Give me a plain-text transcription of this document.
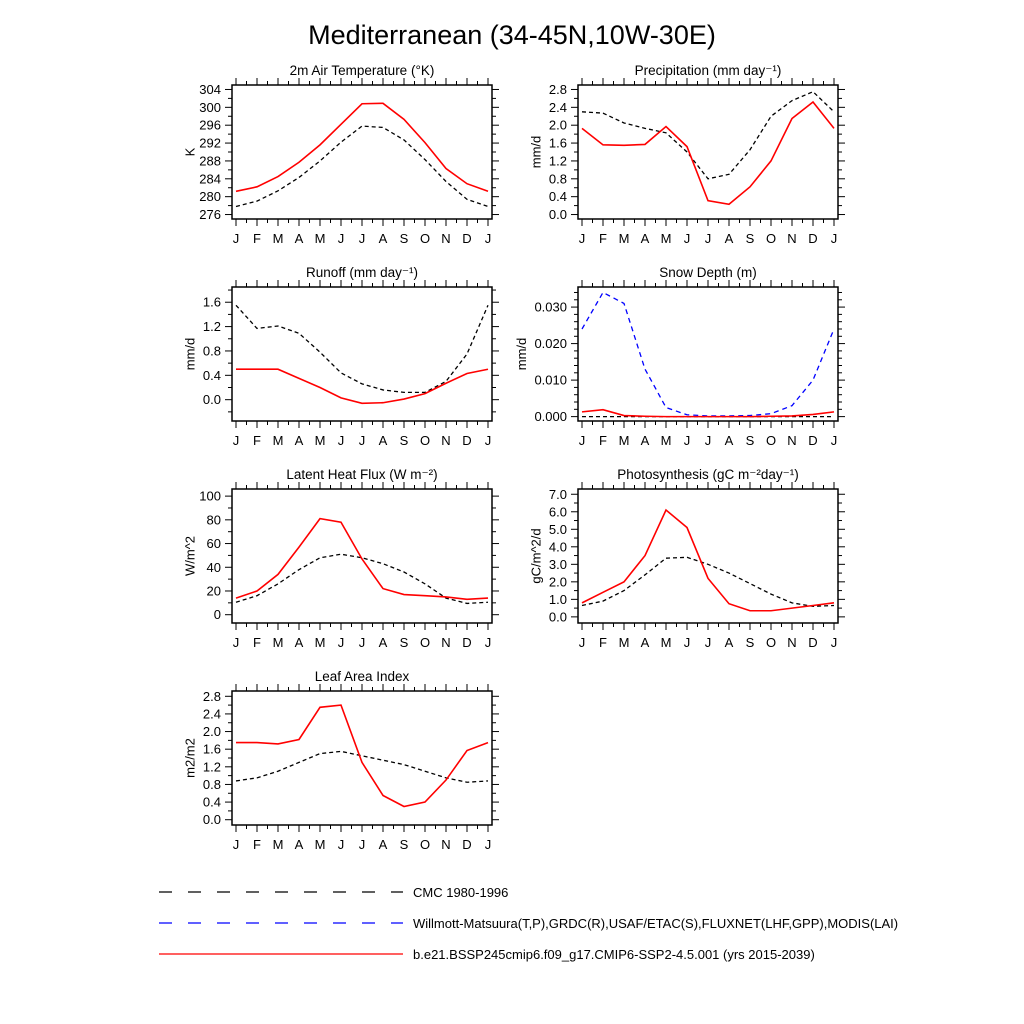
Mediterranean (34-45N,10W-30E)
2m Air Temperature (°K)
J F M A M J J A S O N D J
276
280
284
288
292
296
300
304
K
Precipitation (mm day⁻¹)
J F M A M J J A S O N D J
0.0
0.4
0.8
1.2
1.6
2.0
2.4
2.8
mm/d
Runoff (mm day⁻¹)
J F M A M J J A S O N D J
0.0
0.4
0.8
1.2
1.6
mm/d
Snow Depth (m)
J F M A M J J A S O N D J
0.000
0.010
0.020
0.030
mm/d
Latent Heat Flux (W m⁻²)
J F M A M J J A S O N D J
0
20
40
60
80
100
W/m^2
Photosynthesis (gC m⁻²day⁻¹)
J F M A M J J A S O N D J
0.0
1.0
2.0
3.0
4.0
5.0
6.0
7.0
gC/m^2/d
Leaf Area Index
J F M A M J J A S O N D J
0.0
0.4
0.8
1.2
1.6
2.0
2.4
2.8
m2/m2
CMC 1980-1996
Willmott-Matsuura(T,P),GRDC(R),USAF/ETAC(S),FLUXNET(LHF,GPP),MODIS(LAI)
b.e21.BSSP245cmip6.f09_g17.CMIP6-SSP2-4.5.001 (yrs 2015-2039)
